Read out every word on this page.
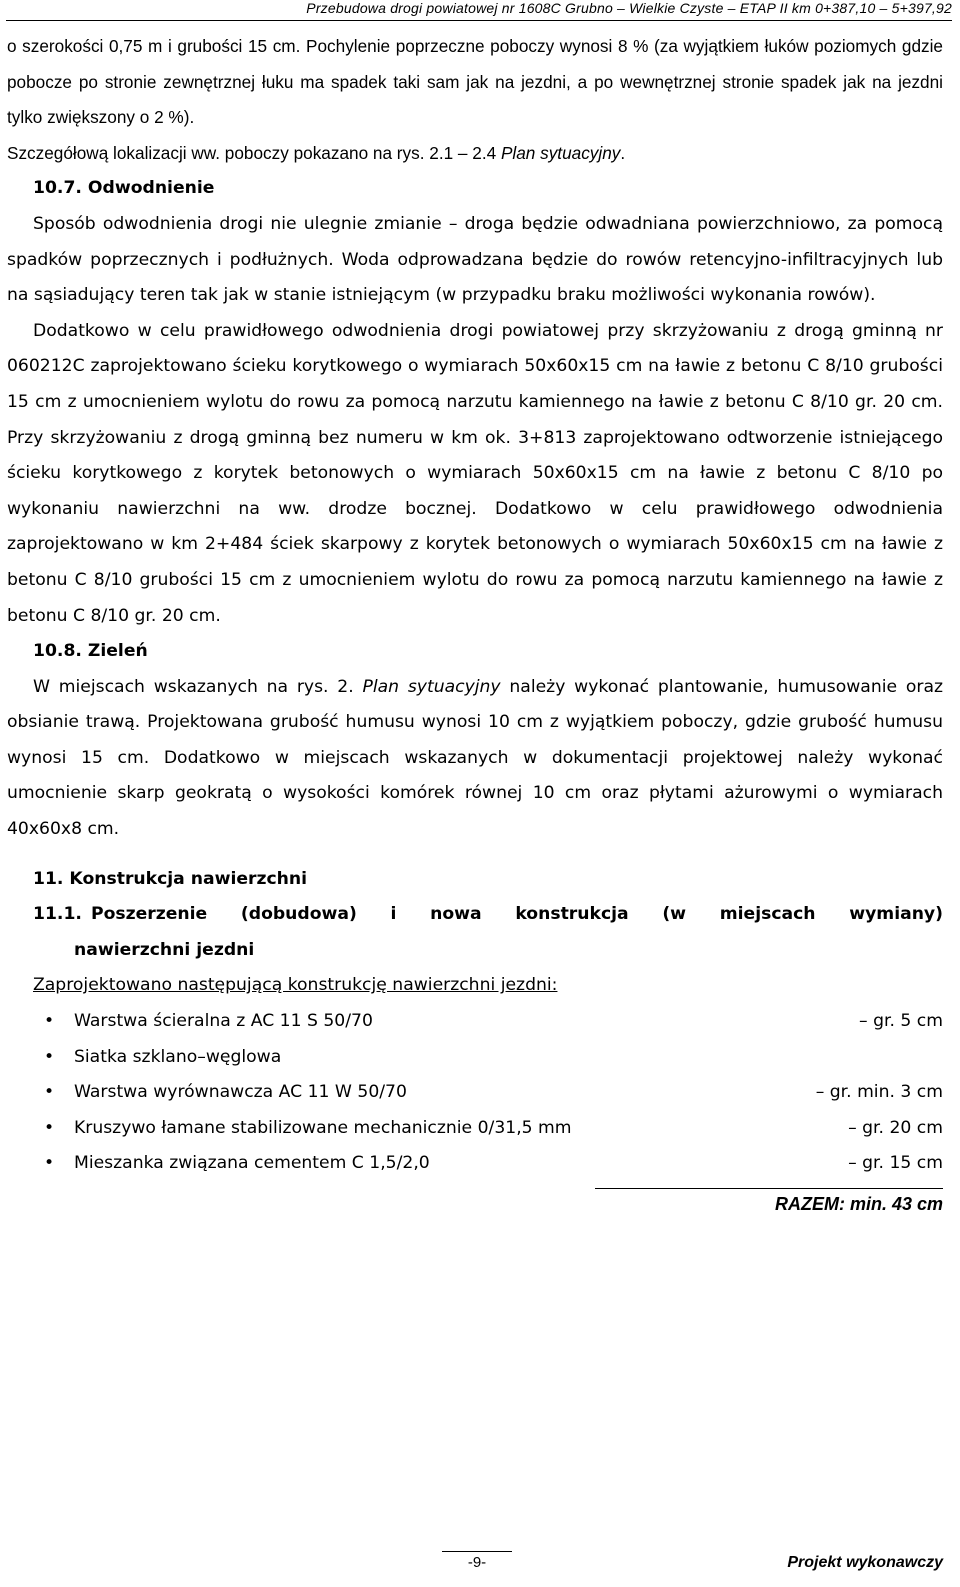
Przebudowa drogi powiatowej nr 1608C Grubno – Wielkie Czyste – ETAP II km 0+387,10 – 5+397,92

o szerokości 0,75 m i grubości 15 cm. Pochylenie poprzeczne poboczy wynosi 8 % (za wyjątkiem łuków poziomych gdzie pobocze po stronie zewnętrznej łuku ma spadek taki sam jak na jezdni, a po wewnętrznej stronie spadek jak na jezdni tylko zwiększony o 2 %).

Szczegółową lokalizacji ww. poboczy pokazano na rys. 2.1 – 2.4 Plan sytuacyjny.

10.7. Odwodnienie

Sposób odwodnienia drogi nie ulegnie zmianie – droga będzie odwadniana powierzchniowo, za pomocą spadków poprzecznych i podłużnych. Woda odprowadzana będzie do rowów retencyjno-infiltracyjnych lub na sąsiadujący teren tak jak w stanie istniejącym (w przypadku braku możliwości wykonania rowów).

Dodatkowo w celu prawidłowego odwodnienia drogi powiatowej przy skrzyżowaniu z drogą gminną nr 060212C zaprojektowano ścieku korytkowego o wymiarach 50x60x15 cm na ławie z betonu C 8/10 grubości 15 cm z umocnieniem wylotu do rowu za pomocą narzutu kamiennego na ławie z betonu C 8/10 gr. 20 cm. Przy skrzyżowaniu z drogą gminną bez numeru w km ok. 3+813 zaprojektowano odtworzenie istniejącego ścieku korytkowego z korytek betonowych o wymiarach 50x60x15 cm na ławie z betonu C 8/10 po wykonaniu nawierzchni na ww. drodze bocznej. Dodatkowo w celu prawidłowego odwodnienia zaprojektowano w km 2+484 ściek skarpowy z korytek betonowych o wymiarach 50x60x15 cm na ławie z betonu C 8/10 grubości 15 cm z umocnieniem wylotu do rowu za pomocą narzutu kamiennego na ławie z betonu C 8/10 gr. 20 cm.

10.8. Zieleń

W miejscach wskazanych na rys. 2. Plan sytuacyjny należy wykonać plantowanie, humusowanie oraz obsianie trawą. Projektowana grubość humusu wynosi 10 cm z wyjątkiem poboczy, gdzie grubość humusu wynosi 15 cm. Dodatkowo w miejscach wskazanych w dokumentacji projektowej należy wykonać umocnienie skarp geokratą o wysokości komórek równej 10 cm oraz płytami ażurowymi o wymiarach 40x60x8 cm.

11. Konstrukcja nawierzchni
11.1. Poszerzenie (dobudowa) i nowa konstrukcja (w miejscach wymiany)
nawierzchni jezdni
Zaprojektowano następującą konstrukcję nawierzchni jezdni:
•	Warstwa ścieralna z AC 11 S 50/70	– gr. 5 cm
•	Siatka szklano–węglowa
•	Warstwa wyrównawcza AC 11 W 50/70	– gr. min. 3 cm
•	Kruszywo łamane stabilizowane mechanicznie 0/31,5 mm	– gr. 20 cm
•	Mieszanka związana cementem C 1,5/2,0	– gr. 15 cm
RAZEM: min. 43 cm
-9-	Projekt wykonawczy
